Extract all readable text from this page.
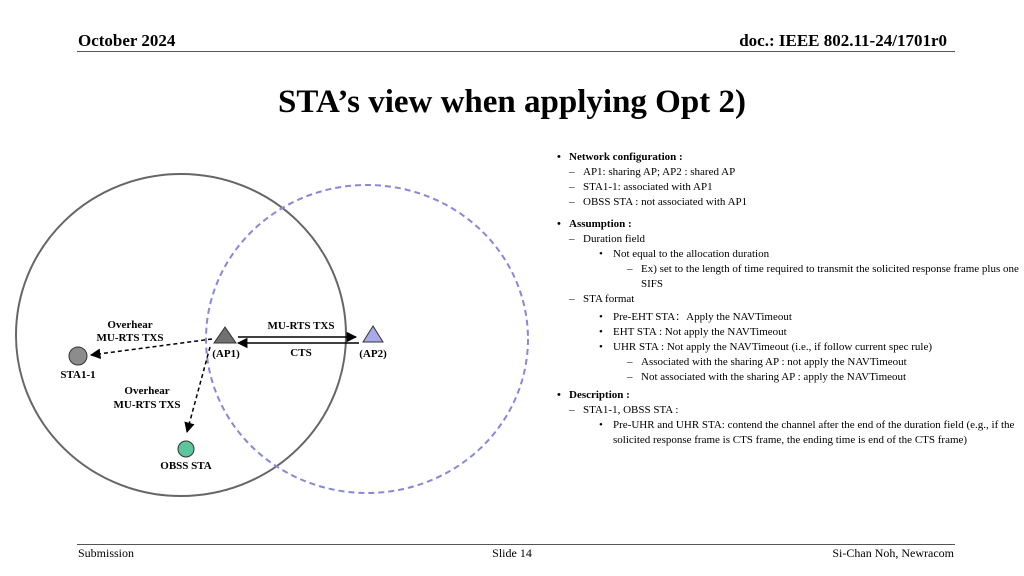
October 2024	doc.: IEEE 802.11-24/1701r0
STA’s view when applying Opt 2)
Overhear
MU-RTS TXS
MU-RTS TXS
CTS
(AP1)	(AP2)
STA1-1
Overhear
MU-RTS TXS
OBSS STA
• Network configuration :
– AP1: sharing AP; AP2 : shared AP
– STA1-1: associated with AP1
– OBSS STA : not associated with AP1
• Assumption :
– Duration field
• Not equal to the allocation duration
– Ex) set to the length of time required to transmit the solicited response frame plus one SIFS
– STA format
• Pre-EHT STA：Apply the NAVTimeout
• EHT STA : Not apply the NAVTimeout
• UHR STA : Not apply the NAVTimeout (i.e., if follow current spec rule)
– Associated with the sharing AP : not apply the NAVTimeout
– Not associated with the sharing AP : apply the NAVTimeout
• Description :
– STA1-1, OBSS STA :
• Pre-UHR and UHR STA: contend the channel after the end of the duration field (e.g., if the solicited response frame is CTS frame, the ending time is end of the CTS frame)
Submission	Slide 14	Si-Chan Noh, Newracom
